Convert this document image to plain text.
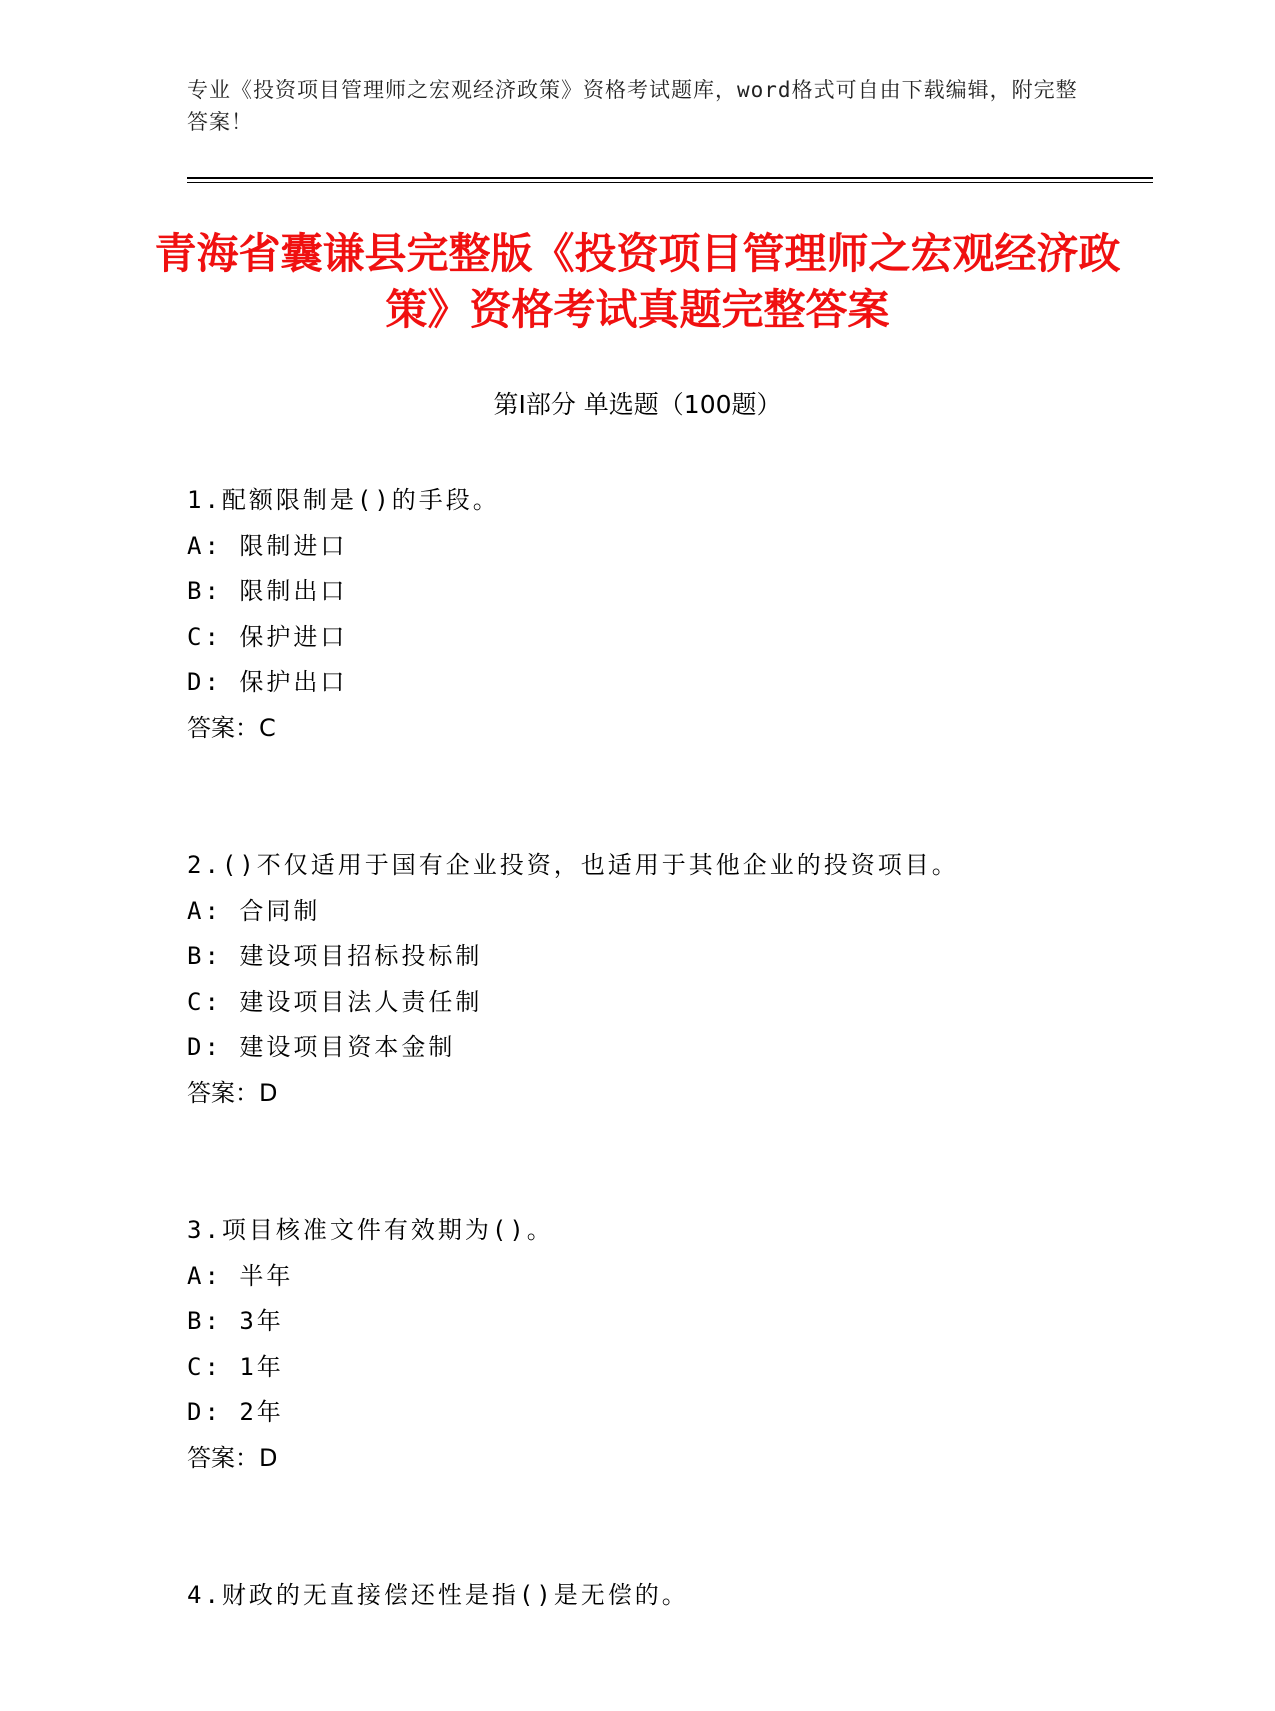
专业《投资项目管理师之宏观经济政策》资格考试题库，word格式可自由下载编辑，附完整答案！
青海省囊谦县完整版《投资项目管理师之宏观经济政策》资格考试真题完整答案
第Ⅰ部分 单选题（100题）
1.配额限制是()的手段。
A: 限制进口
B: 限制出口
C: 保护进口
D: 保护出口
答案：C
2.()不仅适用于国有企业投资，也适用于其他企业的投资项目。
A: 合同制
B: 建设项目招标投标制
C: 建设项目法人责任制
D: 建设项目资本金制
答案：D
3.项目核准文件有效期为()。
A: 半年
B: 3年
C: 1年
D: 2年
答案：D
4.财政的无直接偿还性是指()是无偿的。
